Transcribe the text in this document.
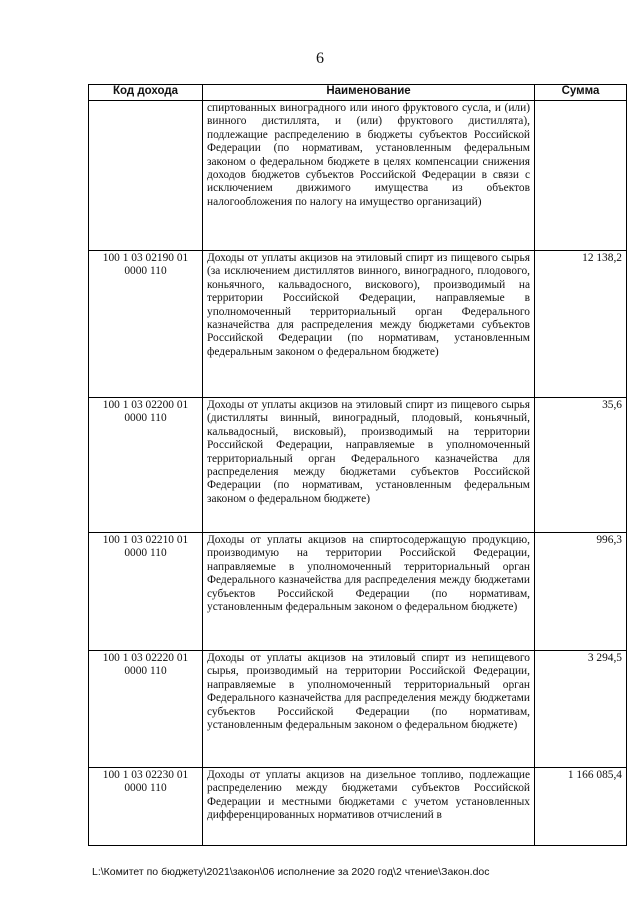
6
Код дохода	Наименование	Сумма
	спиртованных виноградного или иного фруктового сусла, и (или) винного дистиллята, и (или) фруктового дистиллята), подлежащие распределению в бюджеты субъектов Российской Федерации (по нормативам, установленным федеральным законом о федеральном бюджете в целях компенсации снижения доходов бюджетов субъектов Российской Федерации в связи с исключением движимого имущества из объектов налогообложения по налогу на имущество организаций)	
100 1 03 02190 01 0000 110	Доходы от уплаты акцизов на этиловый спирт из пищевого сырья (за исключением дистиллятов винного, виноградного, плодового, коньячного, кальвадосного, вискового), производимый на территории Российской Федерации, направляемые в уполномоченный территориальный орган Федерального казначейства для распределения между бюджетами субъектов Российской Федерации (по нормативам, установленным федеральным законом о федеральном бюджете)	12 138,2
100 1 03 02200 01 0000 110	Доходы от уплаты акцизов на этиловый спирт из пищевого сырья (дистилляты винный, виноградный, плодовый, коньячный, кальвадосный, висковый), производимый на территории Российской Федерации, направляемые в уполномоченный территориальный орган Федерального казначейства для распределения между бюджетами субъектов Российской Федерации (по нормативам, установленным федеральным законом о федеральном бюджете)	35,6
100 1 03 02210 01 0000 110	Доходы от уплаты акцизов на спиртосодержащую продукцию, производимую на территории Российской Федерации, направляемые в уполномоченный территориальный орган Федерального казначейства для распределения между бюджетами субъектов Российской Федерации (по нормативам, установленным федеральным законом о федеральном бюджете)	996,3
100 1 03 02220 01 0000 110	Доходы от уплаты акцизов на этиловый спирт из непищевого сырья, производимый на территории Российской Федерации, направляемые в уполномоченный территориальный орган Федерального казначейства для распределения между бюджетами субъектов Российской Федерации (по нормативам, установленным федеральным законом о федеральном бюджете)	3 294,5
100 1 03 02230 01 0000 110	Доходы от уплаты акцизов на дизельное топливо, подлежащие распределению между бюджетами субъектов Российской Федерации и местными бюджетами с учетом установленных дифференцированных нормативов отчислений в	1 166 085,4
L:\Комитет по бюджету\2021\закон\06 исполнение за 2020 год\2 чтение\Закон.doc
